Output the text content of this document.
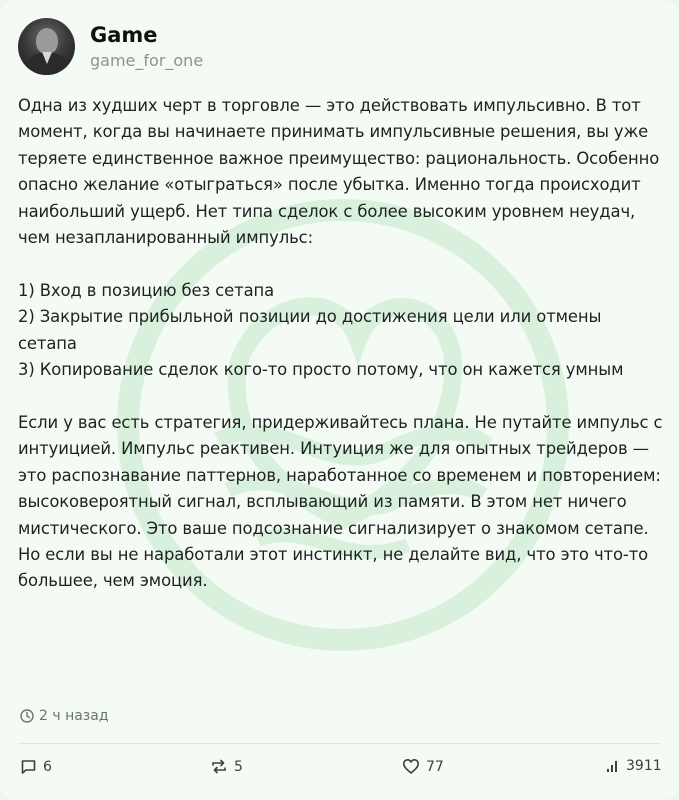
Game
game_for_one
Одна из худших черт в торговле — это действовать импульсивно. В тот момент, когда вы начинаете принимать импульсивные решения, вы уже теряете единственное важное преимущество: рациональность. Особенно опасно желание «отыграться» после убытка. Именно тогда происходит наибольший ущерб. Нет типа сделок с более высоким уровнем неудач, чем незапланированный импульс:

1) Вход в позицию без сетапа
2) Закрытие прибыльной позиции до достижения цели или отмены сетапа
3) Копирование сделок кого-то просто потому, что он кажется умным

Если у вас есть стратегия, придерживайтесь плана. Не путайте импульс с интуицией. Импульс реактивен. Интуиция же для опытных трейдеров — это распознавание паттернов, наработанное со временем и повторением: высоковероятный сигнал, всплывающий из памяти. В этом нет ничего мистического. Это ваше подсознание сигнализирует о знакомом сетапе. Но если вы не наработали этот инстинкт, не делайте вид, что это что-то большее, чем эмоция.
2 ч назад
6	5	77	3911
